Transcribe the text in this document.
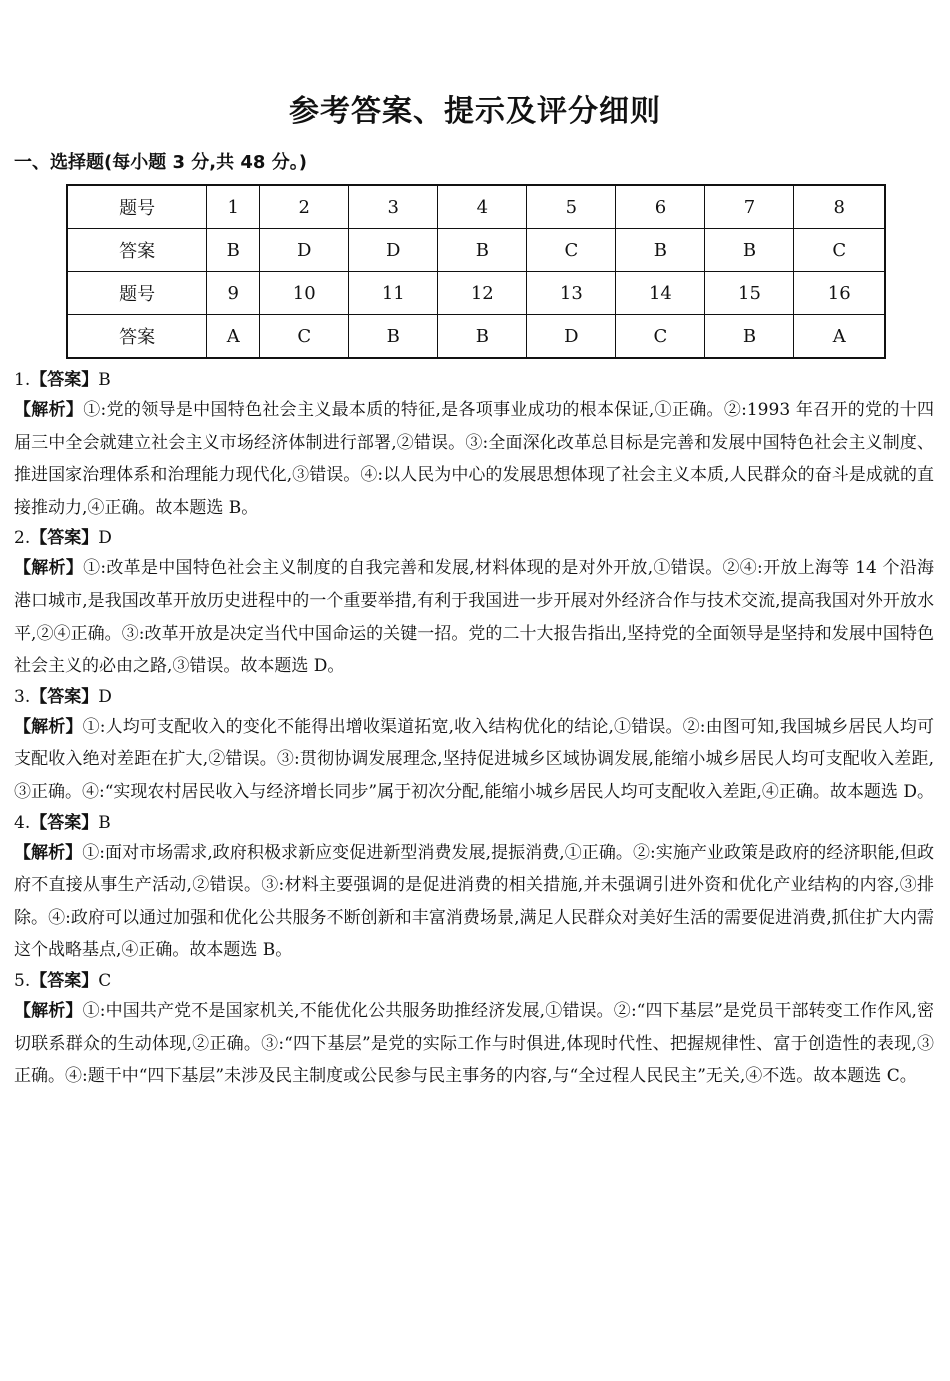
参考答案、提示及评分细则
一、选择题(每小题 3 分,共 48 分。)
题号	1	2	3	4	5	6	7	8
答案	B	D	D	B	C	B	B	C
题号	9	10	11	12	13	14	15	16
答案	A	C	B	B	D	C	B	A
1.【答案】B
【解析】①:党的领导是中国特色社会主义最本质的特征,是各项事业成功的根本保证,①正确。②:1993 年召开的党的十四届三中全会就建立社会主义市场经济体制进行部署,②错误。③:全面深化改革总目标是完善和发展中国特色社会主义制度、推进国家治理体系和治理能力现代化,③错误。④:以人民为中心的发展思想体现了社会主义本质,人民群众的奋斗是成就的直接推动力,④正确。故本题选 B。
2.【答案】D
【解析】①:改革是中国特色社会主义制度的自我完善和发展,材料体现的是对外开放,①错误。②④:开放上海等 14 个沿海港口城市,是我国改革开放历史进程中的一个重要举措,有利于我国进一步开展对外经济合作与技术交流,提高我国对外开放水平,②④正确。③:改革开放是决定当代中国命运的关键一招。党的二十大报告指出,坚持党的全面领导是坚持和发展中国特色社会主义的必由之路,③错误。故本题选 D。
3.【答案】D
【解析】①:人均可支配收入的变化不能得出增收渠道拓宽,收入结构优化的结论,①错误。②:由图可知,我国城乡居民人均可支配收入绝对差距在扩大,②错误。③:贯彻协调发展理念,坚持促进城乡区域协调发展,能缩小城乡居民人均可支配收入差距,③正确。④:“实现农村居民收入与经济增长同步”属于初次分配,能缩小城乡居民人均可支配收入差距,④正确。故本题选 D。
4.【答案】B
【解析】①:面对市场需求,政府积极求新应变促进新型消费发展,提振消费,①正确。②:实施产业政策是政府的经济职能,但政府不直接从事生产活动,②错误。③:材料主要强调的是促进消费的相关措施,并未强调引进外资和优化产业结构的内容,③排除。④:政府可以通过加强和优化公共服务不断创新和丰富消费场景,满足人民群众对美好生活的需要促进消费,抓住扩大内需这个战略基点,④正确。故本题选 B。
5.【答案】C
【解析】①:中国共产党不是国家机关,不能优化公共服务助推经济发展,①错误。②:“四下基层”是党员干部转变工作作风,密切联系群众的生动体现,②正确。③:“四下基层”是党的实际工作与时俱进,体现时代性、把握规律性、富于创造性的表现,③正确。④:题干中“四下基层”未涉及民主制度或公民参与民主事务的内容,与“全过程人民民主”无关,④不选。故本题选 C。
